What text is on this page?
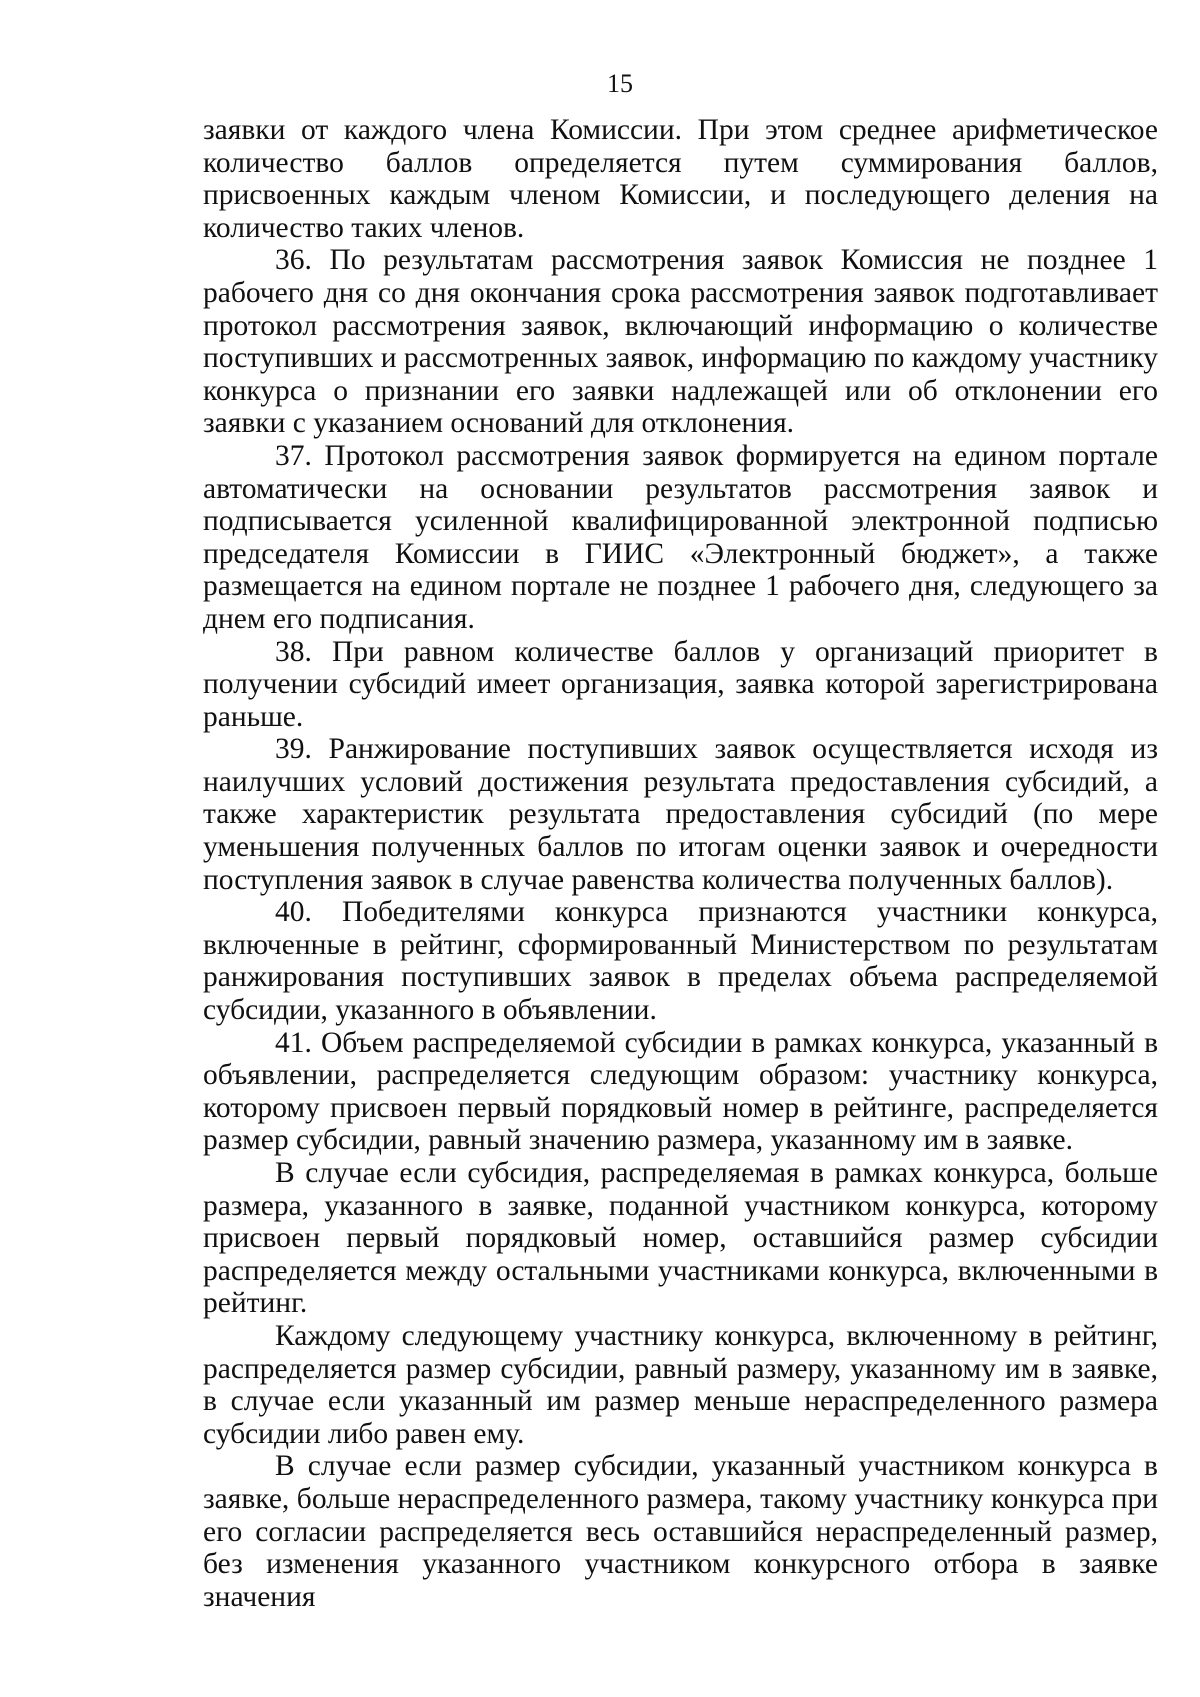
15

заявки от каждого члена Комиссии. При этом среднее арифметическое количество баллов определяется путем суммирования баллов, присвоенных каждым членом Комиссии, и последующего деления на количество таких членов.

36. По результатам рассмотрения заявок Комиссия не позднее 1 рабочего дня со дня окончания срока рассмотрения заявок подготавливает протокол рассмотрения заявок, включающий информацию о количестве поступивших и рассмотренных заявок, информацию по каждому участнику конкурса о признании его заявки надлежащей или об отклонении его заявки с указанием оснований для отклонения.

37. Протокол рассмотрения заявок формируется на едином портале автоматически на основании результатов рассмотрения заявок и подписывается усиленной квалифицированной электронной подписью председателя Комиссии в ГИИС «Электронный бюджет», а также размещается на едином портале не позднее 1 рабочего дня, следующего за днем его подписания.

38. При равном количестве баллов у организаций приоритет в получении субсидий имеет организация, заявка которой зарегистрирована раньше.

39. Ранжирование поступивших заявок осуществляется исходя из наилучших условий достижения результата предоставления субсидий, а также характеристик результата предоставления субсидий (по мере уменьшения полученных баллов по итогам оценки заявок и очередности поступления заявок в случае равенства количества полученных баллов).

40. Победителями конкурса признаются участники конкурса, включенные в рейтинг, сформированный Министерством по результатам ранжирования поступивших заявок в пределах объема распределяемой субсидии, указанного в объявлении.

41. Объем распределяемой субсидии в рамках конкурса, указанный в объявлении, распределяется следующим образом: участнику конкурса, которому присвоен первый порядковый номер в рейтинге, распределяется размер субсидии, равный значению размера, указанному им в заявке.

В случае если субсидия, распределяемая в рамках конкурса, больше размера, указанного в заявке, поданной участником конкурса, которому присвоен первый порядковый номер, оставшийся размер субсидии распределяется между остальными участниками конкурса, включенными в рейтинг.

Каждому следующему участнику конкурса, включенному в рейтинг, распределяется размер субсидии, равный размеру, указанному им в заявке, в случае если указанный им размер меньше нераспределенного размера субсидии либо равен ему.

В случае если размер субсидии, указанный участником конкурса в заявке, больше нераспределенного размера, такому участнику конкурса при его согласии распределяется весь оставшийся нераспределенный размер, без изменения указанного участником конкурсного отбора в заявке значения
